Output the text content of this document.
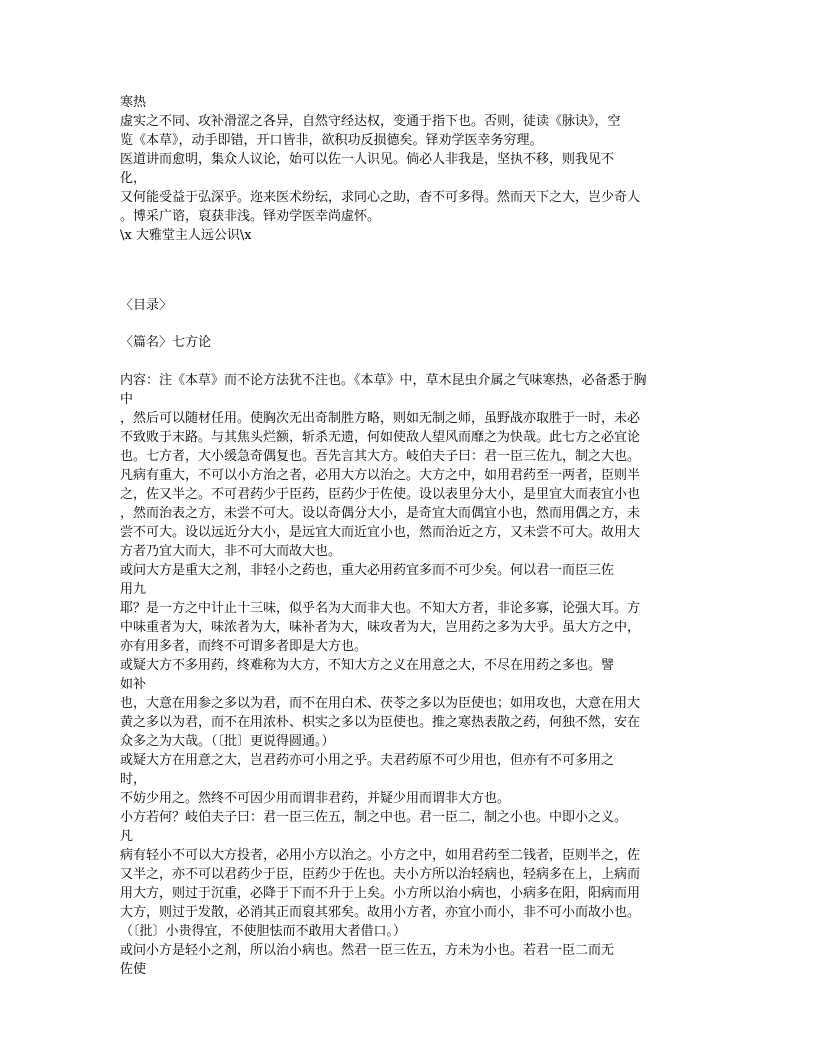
寒热
虚实之不同、攻补滑涩之各异，自然守经达权，变通于指下也。否则，徒读《脉诀》，空
览《本草》，动手即错，开口皆非，欲积功反损德矣。铎劝学医幸务穷理。
医道讲而愈明，集众人议论，始可以佐一人识见。倘必人非我是，坚执不移，则我见不
化，
又何能受益于弘深乎。迩来医术纷纭，求同心之助，杳不可多得。然而天下之大，岂少奇人
。博采广谘，裒获非浅。铎劝学医幸尚虚怀。
\x 大雅堂主人远公识\x
〈目录〉
〈篇名〉七方论
内容：注《本草》而不论方法犹不注也。《本草》中，草木昆虫介属之气味寒热，必备悉于胸
中
，然后可以随材任用。使胸次无出奇制胜方略，则如无制之师，虽野战亦取胜于一时，未必
不致败于末路。与其焦头烂额，斩杀无遗，何如使敌人望风而靡之为快哉。此七方之必宜论
也。七方者，大小缓急奇偶复也。吾先言其大方。岐伯夫子曰：君一臣三佐九，制之大也。
凡病有重大，不可以小方治之者，必用大方以治之。大方之中，如用君药至一两者，臣则半
之，佐又半之。不可君药少于臣药，臣药少于佐使。设以表里分大小，是里宜大而表宜小也
，然而治表之方，未尝不可大。设以奇偶分大小，是奇宜大而偶宜小也，然而用偶之方，未
尝不可大。设以远近分大小，是远宜大而近宜小也，然而治近之方，又未尝不可大。故用大
方者乃宜大而大，非不可大而故大也。
或问大方是重大之剂，非轻小之药也，重大必用药宜多而不可少矣。何以君一而臣三佐
用九
耶？是一方之中计止十三味，似乎名为大而非大也。不知大方者，非论多寡，论强大耳。方
中味重者为大，味浓者为大，味补者为大，味攻者为大，岂用药之多为大乎。虽大方之中，
亦有用多者，而终不可谓多者即是大方也。
或疑大方不多用药，终难称为大方，不知大方之义在用意之大，不尽在用药之多也。譬
如补
也，大意在用参之多以为君，而不在用白术、茯苓之多以为臣使也；如用攻也，大意在用大
黄之多以为君，而不在用浓朴、枳实之多以为臣使也。推之寒热表散之药，何独不然，安在
众多之为大哉。（〔批〕更说得圆通。）
或疑大方在用意之大，岂君药亦可小用之乎。夫君药原不可少用也，但亦有不可多用之
时，
不妨少用之。然终不可因少用而谓非君药，并疑少用而谓非大方也。
小方若何？岐伯夫子曰：君一臣三佐五，制之中也。君一臣二，制之小也。中即小之义。
凡
病有轻小不可以大方投者，必用小方以治之。小方之中，如用君药至二钱者，臣则半之，佐
又半之，亦不可以君药少于臣，臣药少于佐也。夫小方所以治轻病也，轻病多在上，上病而
用大方，则过于沉重，必降于下而不升于上矣。小方所以治小病也，小病多在阳，阳病而用
大方，则过于发散，必消其正而裒其邪矣。故用小方者，亦宜小而小，非不可小而故小也。
（〔批〕小贵得宜，不使胆怯而不敢用大者借口。）
或问小方是轻小之剂，所以治小病也。然君一臣三佐五，方未为小也。若君一臣二而无
佐使
